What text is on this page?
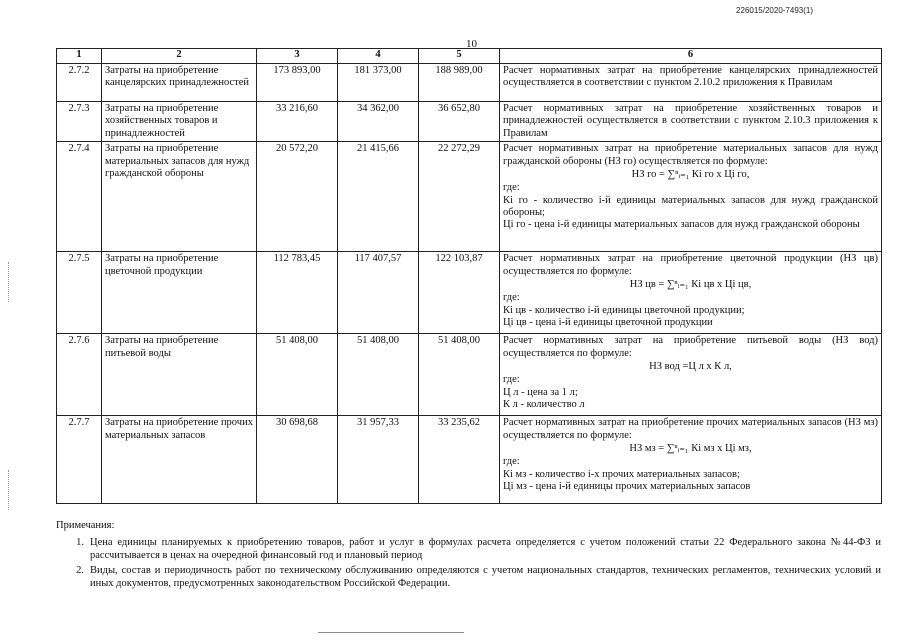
226015/2020-7493(1)
10
1	2	3	4	5	6
2.7.2	Затраты на приобретение канцелярских принадлежностей	173 893,00	181 373,00	188 989,00	Расчет нормативных затрат на приобретение канцелярских принадлежностей осуществляется в соответствии с пунктом 2.10.2 приложения к Правилам
2.7.3	Затраты на приобретение хозяйственных товаров и принадлежностей	33 216,60	34 362,00	36 652,80	Расчет нормативных затрат на приобретение хозяйственных товаров и принадлежностей осуществляется в соответствии с пунктом 2.10.3 приложения к Правилам
2.7.4	Затраты на приобретение материальных запасов для нужд гражданской обороны	20 572,20	21 415,66	22 272,29	Расчет нормативных затрат на приобретение материальных запасов для нужд гражданской обороны (НЗ го) осуществляется по формуле:
НЗ го = ∑ⁿᵢ₌₁ Кі го х Ці го,
где:
Кі го - количество і-й единицы материальных запасов для нужд гражданской обороны;
Ці го - цена і-й единицы материальных запасов для нужд гражданской обороны

2.7.5	Затраты на приобретение цветочной продукции	112 783,45	117 407,57	122 103,87	Расчет нормативных затрат на приобретение цветочной продукции (НЗ цв) осуществляется по формуле:
НЗ цв = ∑ⁿᵢ₌₁ Кі цв х Ці цв,
где:
Кі цв - количество і-й единицы цветочной продукции;
Ці цв - цена і-й единицы цветочной продукции

2.7.6	Затраты на приобретение питьевой воды	51 408,00	51 408,00	51 408,00	Расчет нормативных затрат на приобретение питьевой воды (НЗ вод) осуществляется по формуле:
НЗ вод =Ц л х К л,
где:
Ц л - цена за 1 л;
К л - количество л

2.7.7	Затраты на приобретение прочих материальных запасов	30 698,68	31 957,33	33 235,62	Расчет нормативных затрат на приобретение прочих материальных запасов (НЗ мз) осуществляется по формуле:
НЗ мз = ∑ⁿᵢ₌₁ Кі мз х Ці мз,
где:
Кі мз - количество і-х прочих материальных запасов;
Ці мз - цена і-й единицы прочих материальных запасов
Примечания:
1. Цена единицы планируемых к приобретению товаров, работ и услуг в формулах расчета определяется с учетом положений статьи 22 Федерального закона №44-ФЗ и рассчитывается в ценах на очередной финансовый год и плановый период
2. Виды, состав и периодичность работ по техническому обслуживанию определяются с учетом национальных стандартов, технических регламентов, технических условий и иных документов, предусмотренных законодательством Российской Федерации.
